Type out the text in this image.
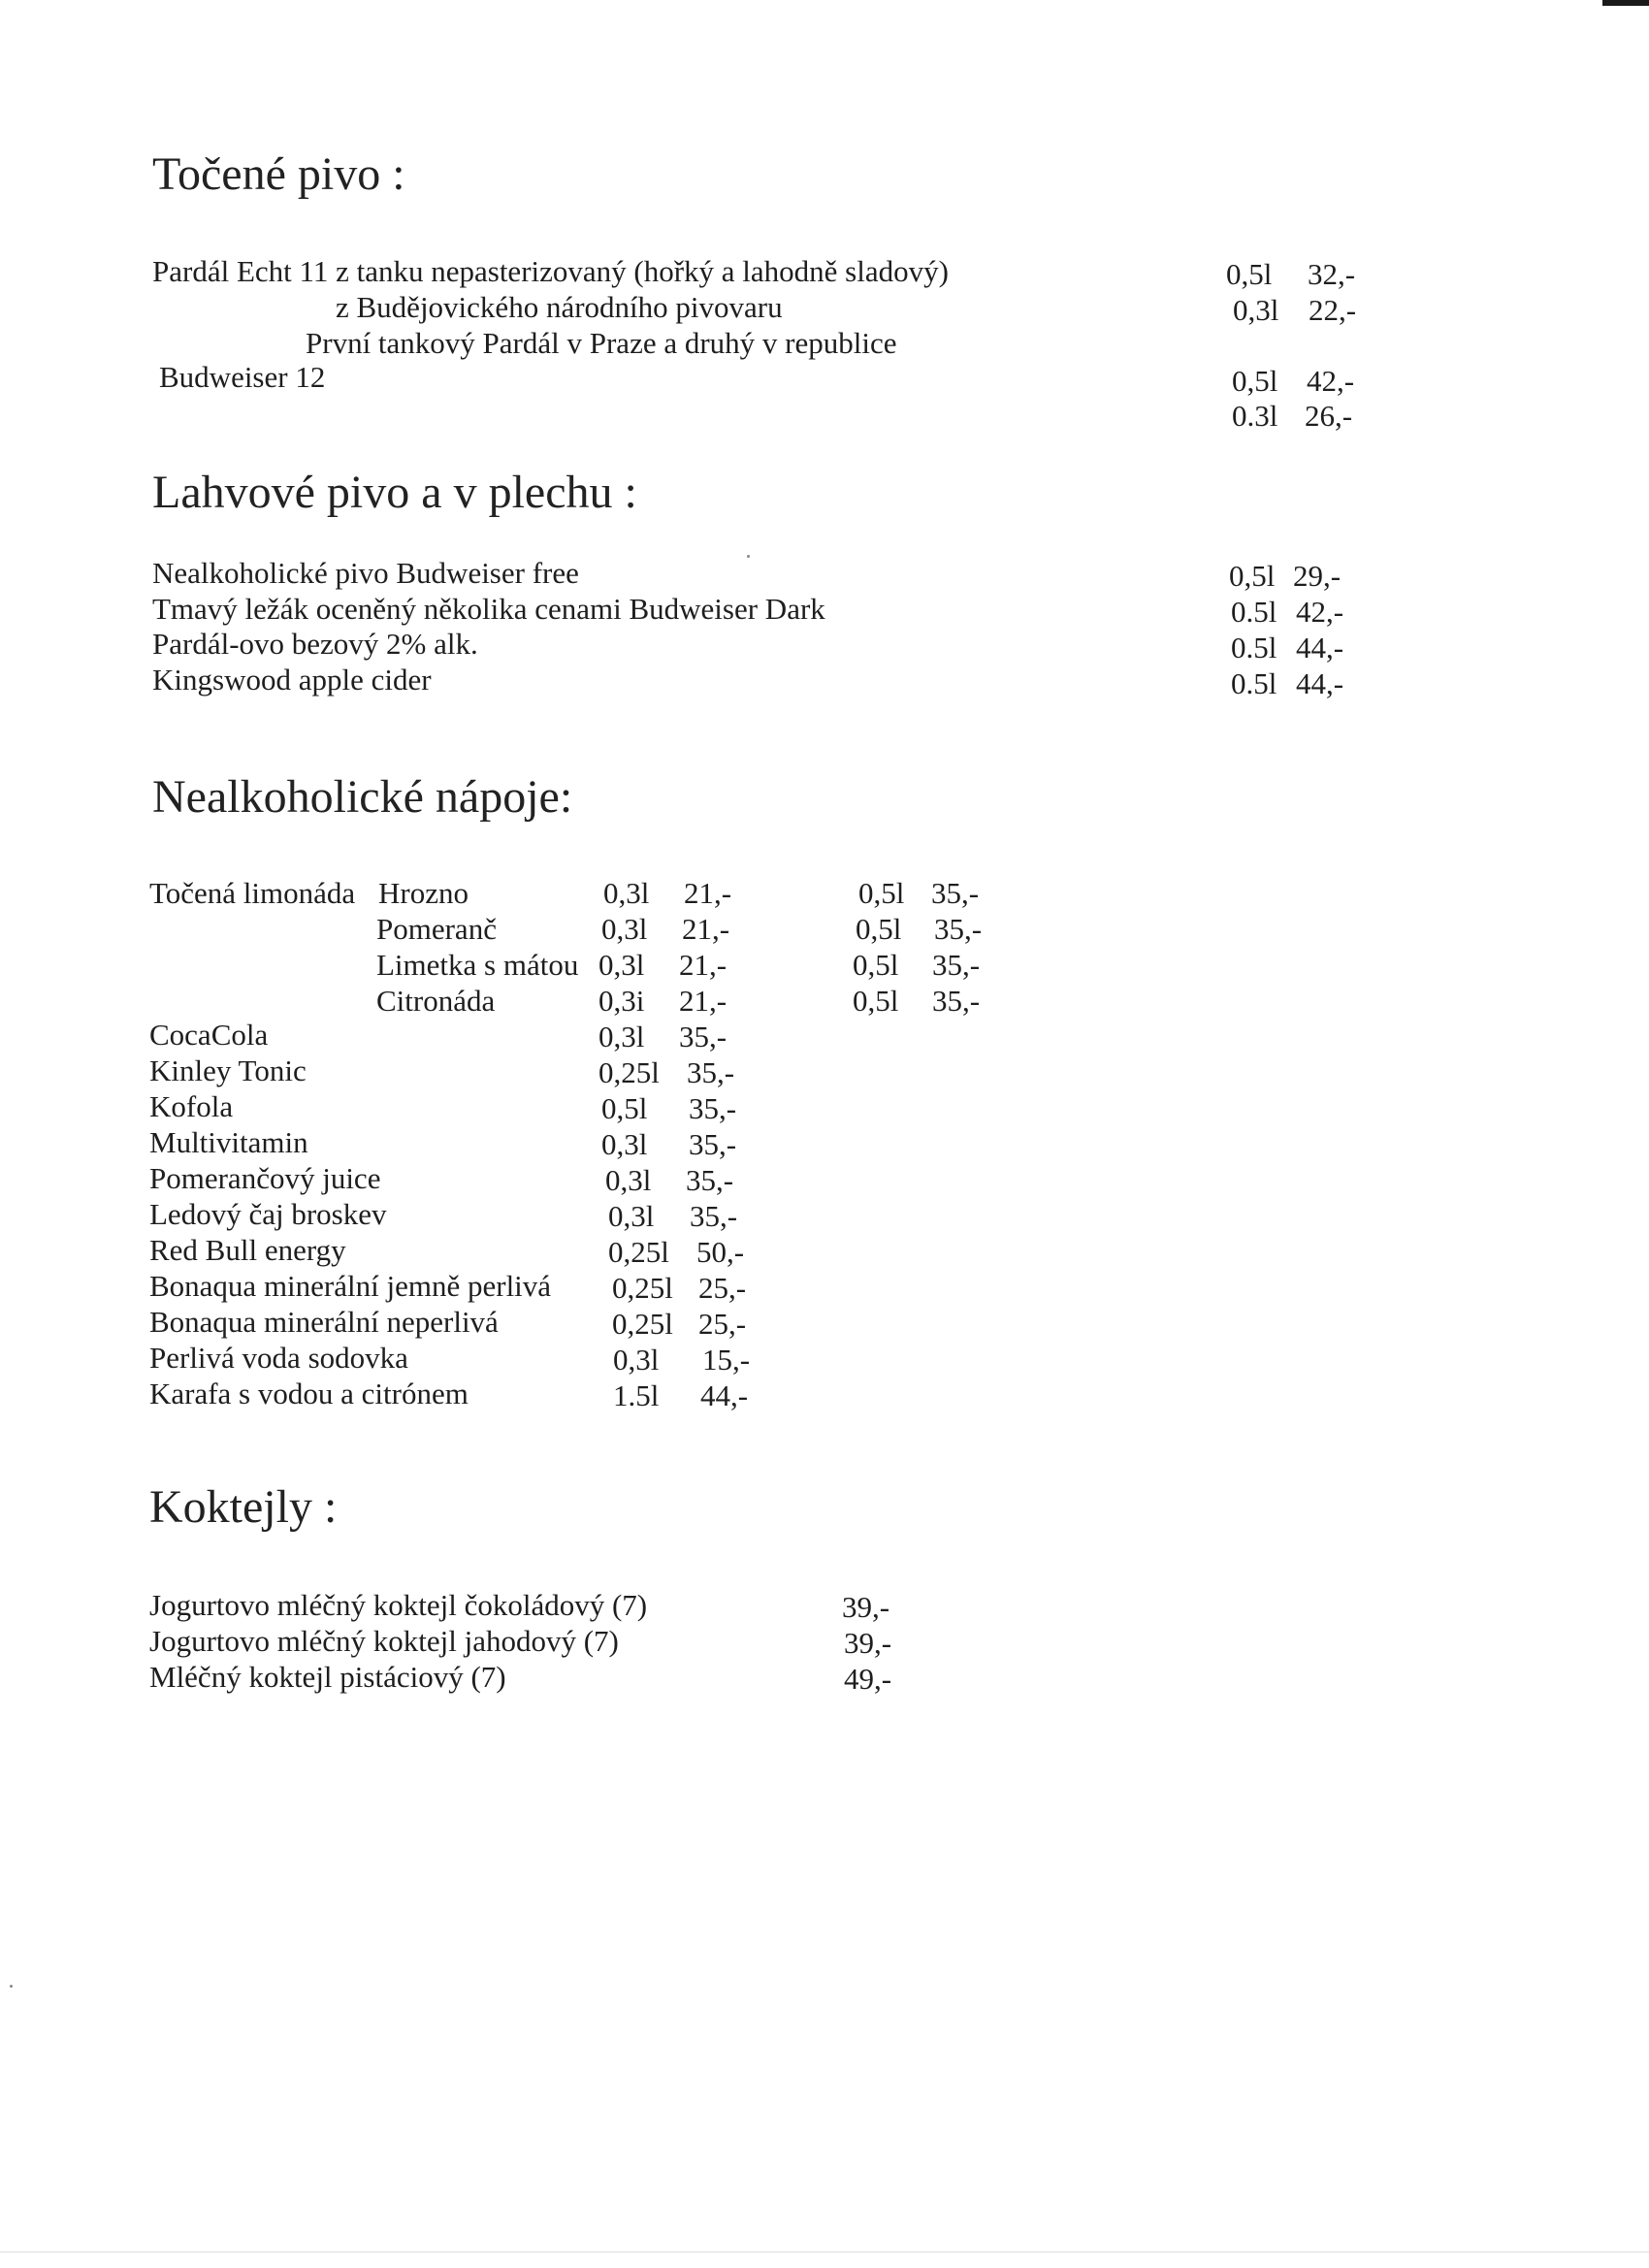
Točené pivo :
Pardál Echt 11 z tanku nepasterizovaný (hořký a lahodně sladový)	0,5l 32,-
z Budějovického národního pivovaru	0,3l 22,-
První tankový Pardál v Praze a druhý v republice
Budweiser 12	0,5l 42,-
0.3l 26,-
Lahvové pivo a v plechu :
Nealkoholické pivo Budweiser free	0,5l 29,-
Tmavý ležák oceněný několika cenami Budweiser Dark	0.5l 42,-
Pardál-ovo bezový 2% alk.	0.5l 44,-
Kingswood apple cider	0.5l 44,-
Nealkoholické nápoje:
Točená limonáda Hrozno	0,3l 21,-	0,5l 35,-
Pomeranč	0,3l 21,-	0,5l 35,-
Limetka s mátou 0,3l 21,-	0,5l 35,-
Citronáda	0,3i 21,-	0,5l 35,-
CocaCola	0,3l 35,-
Kinley Tonic	0,25l 35,-
Kofola	0,5l 35,-
Multivitamin	0,3l 35,-
Pomerančový juice	0,3l 35,-
Ledový čaj broskev	0,3l 35,-
Red Bull energy	0,25l 50,-
Bonaqua minerální jemně perlivá 0,25l 25,-
Bonaqua minerální neperlivá	0,25l 25,-
Perlivá voda sodovka	0,3l 15,-
Karafa s vodou a citrónem	1.5l 44,-
Koktejly :
Jogurtovo mléčný koktejl čokoládový (7)	39,-
Jogurtovo mléčný koktejl jahodový (7)	39,-
Mléčný koktejl pistáciový (7)	49,-
